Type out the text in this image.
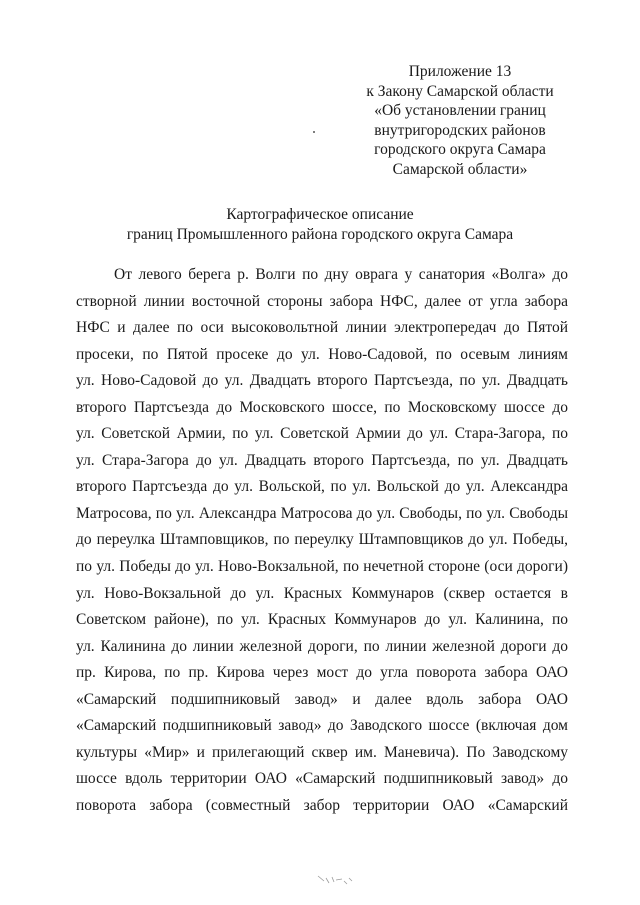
Приложение 13
к Закону Самарской области
«Об установлении границ
внутригородских районов
городского округа Самара
Самарской области»
Картографическое описание
границ Промышленного района городского округа Самара
От левого берега р. Волги по дну оврага у санатория «Волга» до
створной линии восточной стороны забора НФС, далее от угла забора
НФС и далее по оси высоковольтной линии электропередач до Пятой
просеки, по Пятой просеке до ул. Ново-Садовой, по осевым линиям
ул. Ново-Садовой до ул. Двадцать второго Партсъезда, по ул. Двадцать
второго Партсъезда до Московского шоссе, по Московскому шоссе до
ул. Советской Армии, по ул. Советской Армии до ул. Стара-Загора, по
ул. Стара-Загора до ул. Двадцать второго Партсъезда, по ул. Двадцать
второго Партсъезда до ул. Вольской, по ул. Вольской до ул. Александра
Матросова, по ул. Александра Матросова до ул. Свободы, по ул. Свободы
до переулка Штамповщиков, по переулку Штамповщиков до ул. Победы,
по ул. Победы до ул. Ново-Вокзальной, по нечетной стороне (оси дороги)
ул. Ново-Вокзальной до ул. Красных Коммунаров (сквер остается в
Советском районе), по ул. Красных Коммунаров до ул. Калинина, по
ул. Калинина до линии железной дороги, по линии железной дороги до
пр. Кирова, по пр. Кирова через мост до угла поворота забора ОАО
«Самарский подшипниковый завод» и далее вдоль забора ОАО
«Самарский подшипниковый завод» до Заводского шоссе (включая дом
культуры «Мир» и прилегающий сквер им. Маневича). По Заводскому
шоссе вдоль территории ОАО «Самарский подшипниковый завод» до
поворота забора (совместный забор территории ОАО «Самарский
